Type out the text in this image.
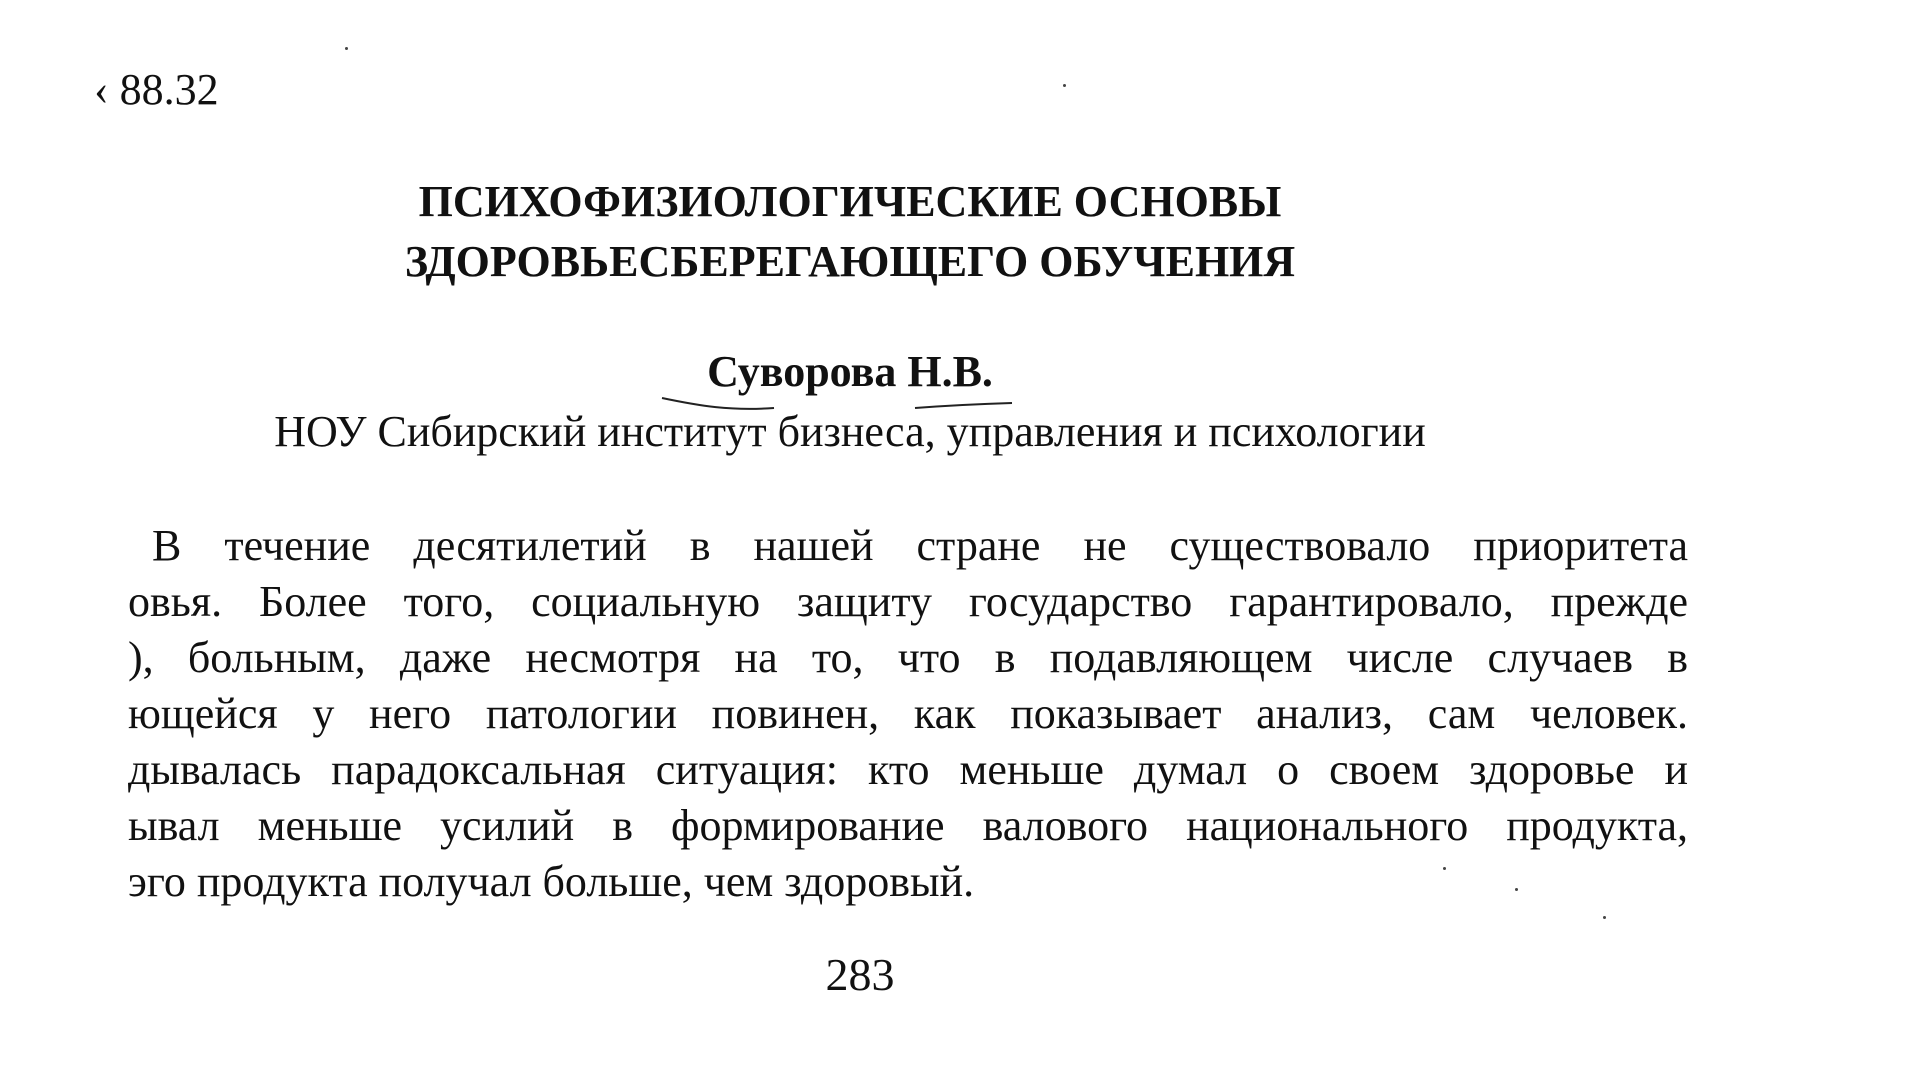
‹ 88.32
ПСИХОФИЗИОЛОГИЧЕСКИЕ ОСНОВЫ
ЗДОРОВЬЕСБЕРЕГАЮЩЕГО ОБУЧЕНИЯ
Суворова Н.В.
НОУ Сибирский институт бизнеса, управления и психологии
В течение десятилетий в нашей стране не существовало приоритета
овья. Более того, социальную защиту государство гарантировало, прежде
), больным, даже несмотря на то, что в подавляющем числе случаев в
ющейся у него патологии повинен, как показывает анализ, сам человек.
дывалась парадоксальная ситуация: кто меньше думал о своем здоровье и
ывал меньше усилий в формирование валового национального продукта,
эго продукта получал больше, чем здоровый.
283
